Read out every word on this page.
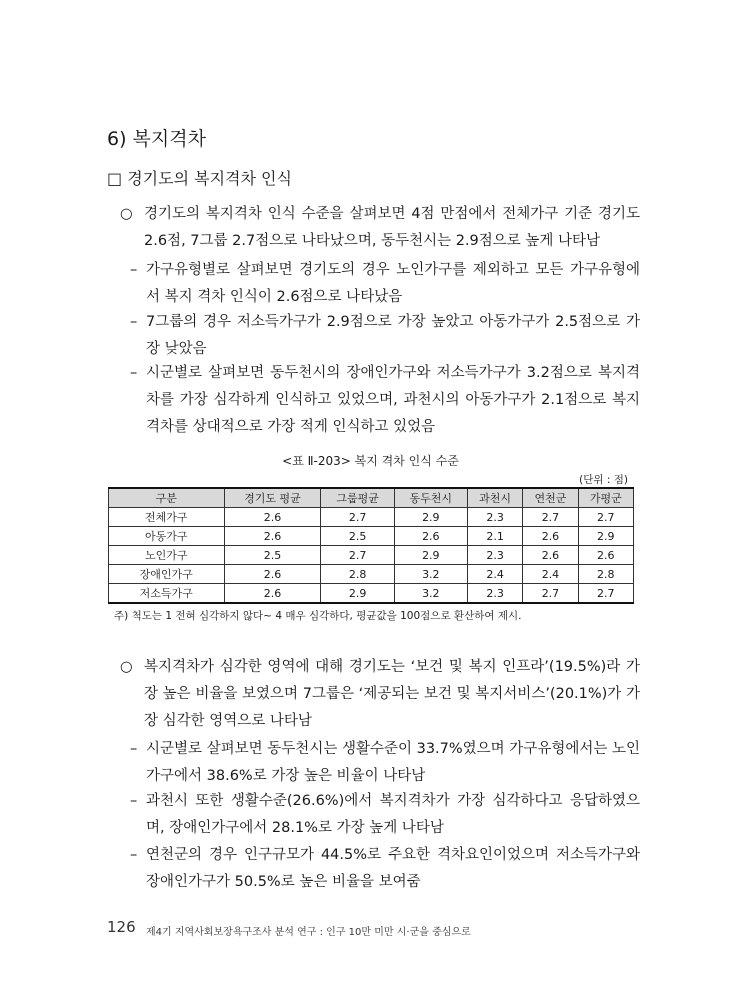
6) 복지격차
□ 경기도의 복지격차 인식
○ 경기도의 복지격차 인식 수준을 살펴보면 4점 만점에서 전체가구 기준 경기도 2.6점, 7그룹 2.7점으로 나타났으며, 동두천시는 2.9점으로 높게 나타남
– 가구유형별로 살펴보면 경기도의 경우 노인가구를 제외하고 모든 가구유형에서 복지 격차 인식이 2.6점으로 나타났음
– 7그룹의 경우 저소득가구가 2.9점으로 가장 높았고 아동가구가 2.5점으로 가장 낮았음
– 시군별로 살펴보면 동두천시의 장애인가구와 저소득가구가 3.2점으로 복지격차를 가장 심각하게 인식하고 있었으며, 과천시의 아동가구가 2.1점으로 복지 격차를 상대적으로 가장 적게 인식하고 있었음
<표 Ⅱ-203> 복지 격차 인식 수준
(단위 : 점)
구분	경기도 평균	그룹평균	동두천시	과천시	연천군	가평군
전체가구	2.6	2.7	2.9	2.3	2.7	2.7
아동가구	2.6	2.5	2.6	2.1	2.6	2.9
노인가구	2.5	2.7	2.9	2.3	2.6	2.6
장애인가구	2.6	2.8	3.2	2.4	2.4	2.8
저소득가구	2.6	2.9	3.2	2.3	2.7	2.7
주) 척도는 1 전혀 심각하지 않다~ 4 매우 심각하다, 평균값을 100점으로 환산하여 제시.
○ 복지격차가 심각한 영역에 대해 경기도는 ‘보건 및 복지 인프라’(19.5%)라 가장 높은 비율을 보였으며 7그룹은 ‘제공되는 보건 및 복지서비스’(20.1%)가 가장 심각한 영역으로 나타남
– 시군별로 살펴보면 동두천시는 생활수준이 33.7%였으며 가구유형에서는 노인가구에서 38.6%로 가장 높은 비율이 나타남
– 과천시 또한 생활수준(26.6%)에서 복지격차가 가장 심각하다고 응답하였으며, 장애인가구에서 28.1%로 가장 높게 나타남
– 연천군의 경우 인구규모가 44.5%로 주요한 격차요인이었으며 저소득가구와 장애인가구가 50.5%로 높은 비율을 보여줌
126 제4기 지역사회보장욕구조사 분석 연구 : 인구 10만 미만 시·군을 중심으로
